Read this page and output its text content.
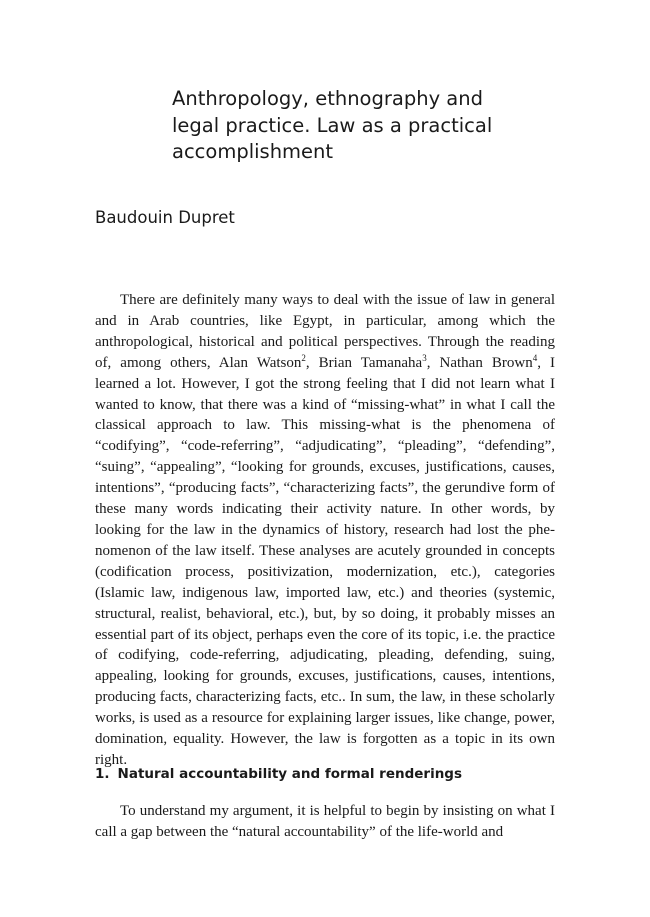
Anthropology, ethnography and
legal practice. Law as a practical
accomplishment

Baudouin Dupret

There are definitely many ways to deal with the issue of law in general and in Arab countries, like Egypt, in particular, among which the anthropological, historical and political perspectives. Through the reading of, among others, Alan Watson$^2$, Brian Tamanaha$^3$, Nathan Brown$^4$, I learned a lot. However, I got the strong feeling that I did not learn what I wanted to know, that there was a kind of “missing-what” in what I call the classical approach to law. This missing-what is the phenomena of “codifying”, “code-referring”, “adjudicating”, “pleading”, “defending”, “suing”, “appealing”, “looking for grounds, excuses, justifications, causes, intentions”, “producing facts”, “characterizing facts”, the gerundive form of these many words indicating their activity nature. In other words, by looking for the law in the dynamics of history, research had lost the phenomenon of the law itself. These analyses are acutely grounded in concepts (codification process, positivization, modernization, etc.), categories (Islamic law, indigenous law, imported law, etc.) and theories (systemic, structural, realist, behavioral, etc.), but, by so doing, it probably misses an essential part of its object, perhaps even the core of its topic, i.e. the practice of codifying, code-referring, adjudicating, pleading, defending, suing, appealing, looking for grounds, excuses, justifications, causes, intentions, producing facts, characterizing facts, etc.. In sum, the law, in these scholarly works, is used as a resource for explaining larger issues, like change, power, domination, equality. However, the law is forgotten as a topic in its own right.

1. Natural accountability and formal renderings

To understand my argument, it is helpful to begin by insisting on what I call a gap between the “natural accountability” of the life-world and
